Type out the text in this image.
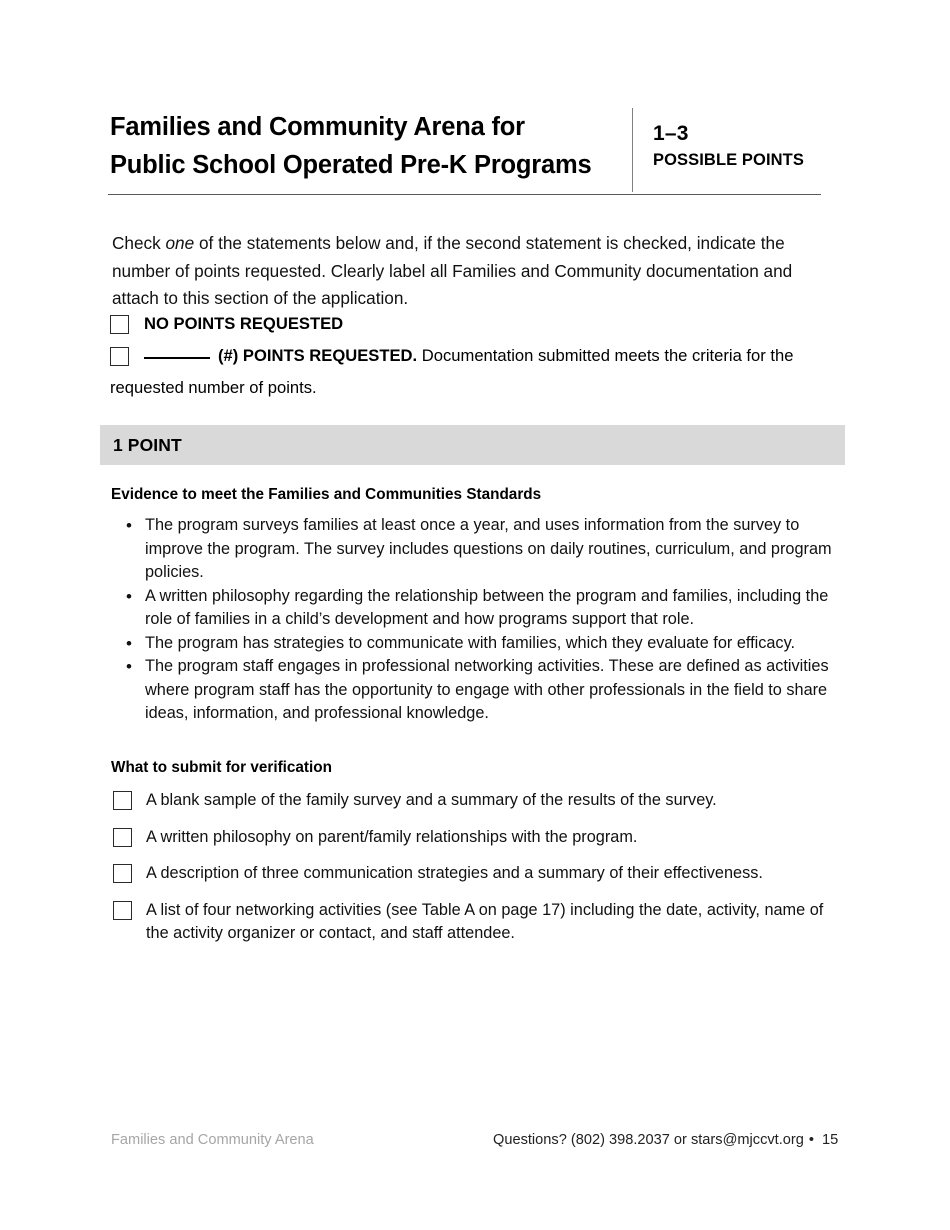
Families and Community Arena for
Public School Operated Pre-K Programs
1–3
POSSIBLE POINTS

Check one of the statements below and, if the second statement is checked, indicate the number of points requested. Clearly label all Families and Community documentation and attach to this section of the application.

NO POINTS REQUESTED
(#) POINTS REQUESTED. Documentation submitted meets the criteria for the
requested number of points.
1 POINT
Evidence to meet the Families and Communities Standards
• The program surveys families at least once a year, and uses information from the survey to improve the program. The survey includes questions on daily routines, curriculum, and program policies.
• A written philosophy regarding the relationship between the program and families, including the role of families in a child’s development and how programs support that role.
• The program has strategies to communicate with families, which they evaluate for efficacy.
• The program staff engages in professional networking activities. These are defined as activities where program staff has the opportunity to engage with other professionals in the field to share ideas, information, and professional knowledge.
What to submit for verification
A blank sample of the family survey and a summary of the results of the survey.
A written philosophy on parent/family relationships with the program.
A description of three communication strategies and a summary of their effectiveness.
A list of four networking activities (see Table A on page 17) including the date, activity, name of the activity organizer or contact, and staff attendee.
Families and Community Arena	Questions? (802) 398.2037 or stars@mjccvt.org • 15
